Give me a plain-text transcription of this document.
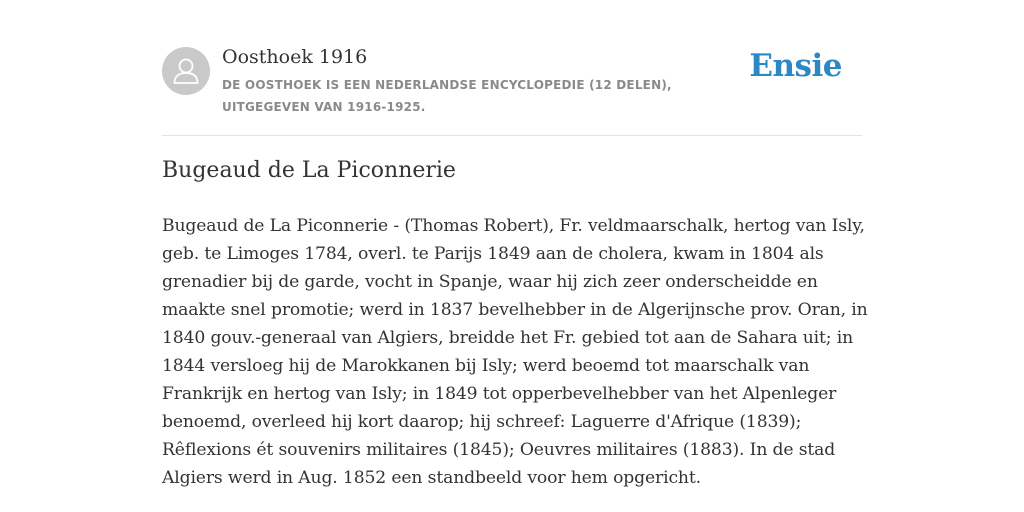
Oosthoek 1916
DE OOSTHOEK IS EEN NEDERLANDSE ENCYCLOPEDIE (12 DELEN), UITGEGEVEN VAN 1916-1925.
Ensie
Bugeaud de La Piconnerie

Bugeaud de La Piconnerie - (Thomas Robert), Fr. veldmaarschalk, hertog van Isly, geb. te Limoges 1784, overl. te Parijs 1849 aan de cholera, kwam in 1804 als grenadier bij de garde, vocht in Spanje, waar hij zich zeer onderscheidde en maakte snel promotie; werd in 1837 bevelhebber in de Algerijnsche prov. Oran, in 1840 gouv.-generaal van Algiers, breidde het Fr. gebied tot aan de Sahara uit; in 1844 versloeg hij de Marokkanen bij Isly; werd beoemd tot maarschalk van Frankrijk en hertog van Isly; in 1849 tot opperbevelhebber van het Alpenleger benoemd, overleed hij kort daarop; hij schreef: Laguerre d'Afrique (1839); Rêflexions ét souvenirs militaires (1845); Oeuvres militaires (1883). In de stad Algiers werd in Aug. 1852 een standbeeld voor hem opgericht.
